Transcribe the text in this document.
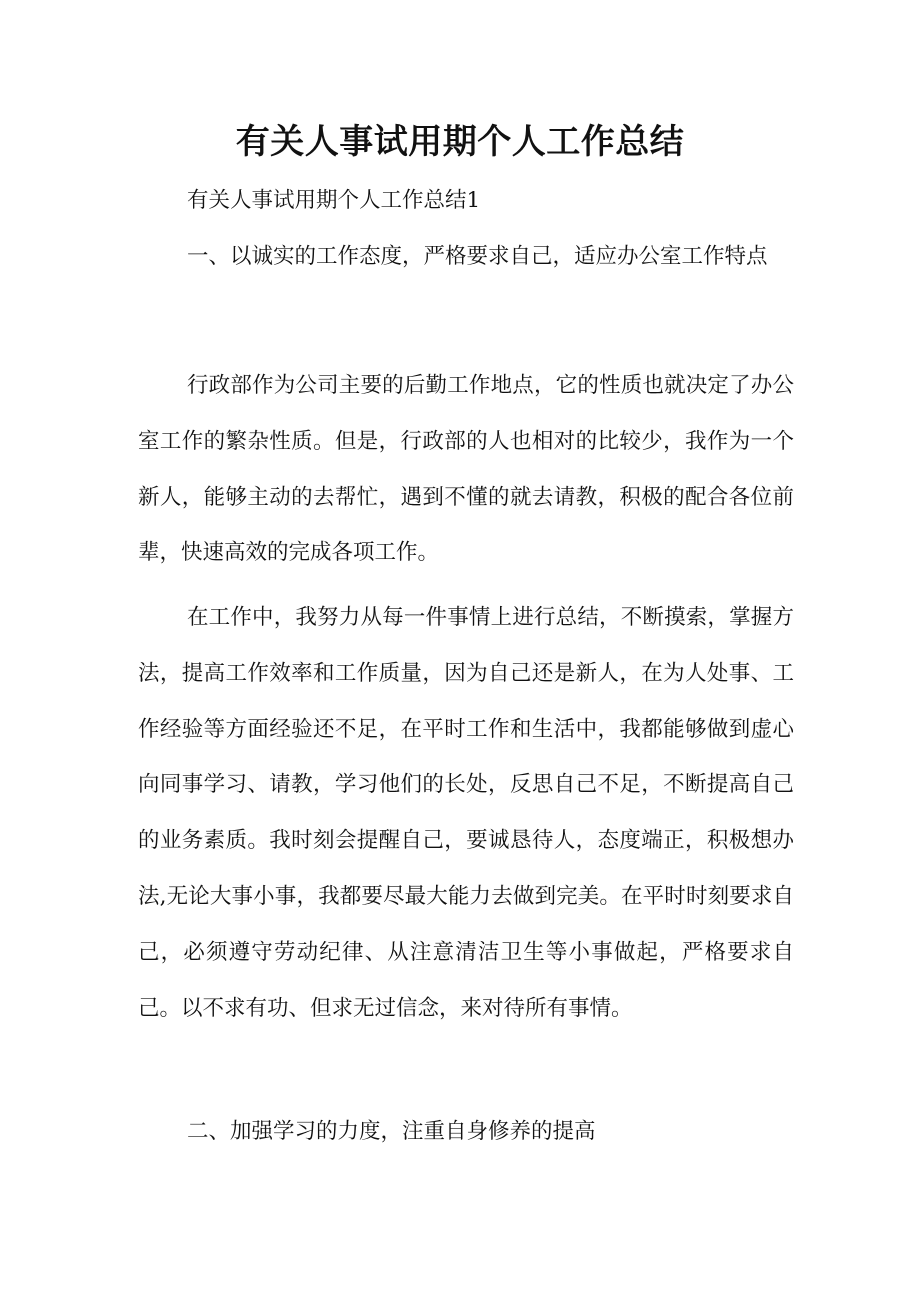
有关人事试用期个人工作总结

有关人事试用期个人工作总结1

一、以诚实的工作态度，严格要求自己，适应办公室工作特点

行政部作为公司主要的后勤工作地点，它的性质也就决定了办公室工作的繁杂性质。但是，行政部的人也相对的比较少，我作为一个新人，能够主动的去帮忙，遇到不懂的就去请教，积极的配合各位前辈，快速高效的完成各项工作。

在工作中，我努力从每一件事情上进行总结，不断摸索，掌握方法，提高工作效率和工作质量，因为自己还是新人，在为人处事、工作经验等方面经验还不足，在平时工作和生活中，我都能够做到虚心向同事学习、请教，学习他们的长处，反思自己不足，不断提高自己的业务素质。我时刻会提醒自己，要诚恳待人，态度端正，积极想办法,无论大事小事，我都要尽最大能力去做到完美。在平时时刻要求自己，必须遵守劳动纪律、从注意清洁卫生等小事做起，严格要求自己。以不求有功、但求无过信念，来对待所有事情。

二、加强学习的力度，注重自身修养的提高
